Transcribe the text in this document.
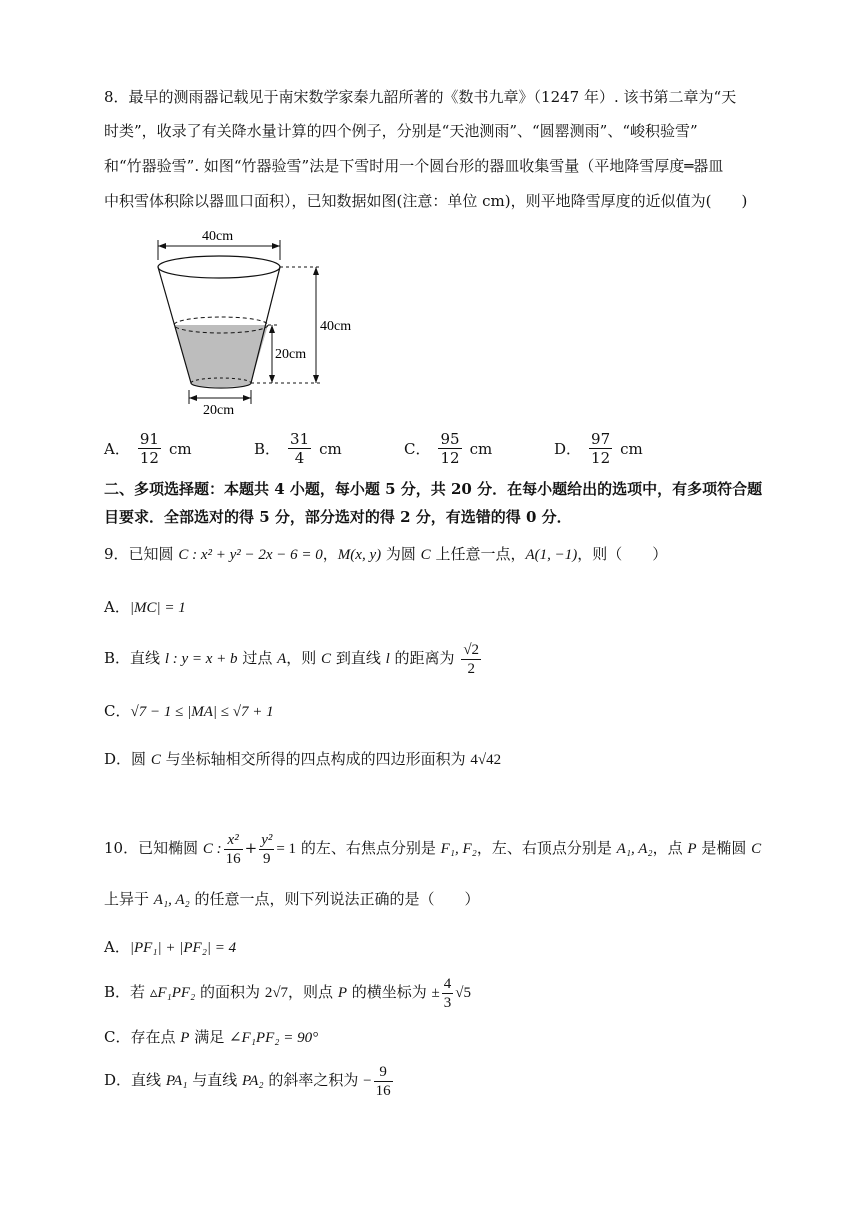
8．最早的测雨器记载见于南宋数学家秦九韶所著的《数书九章》（1247 年）. 该书第二章为“天
时类”，收录了有关降水量计算的四个例子，分别是“天池测雨”、“圆罂测雨”、“峻积验雪”
和“竹器验雪”. 如图“竹器验雪”法是下雪时用一个圆台形的器皿收集雪量（平地降雪厚度═器皿
中积雪体积除以器皿口面积），已知数据如图(注意：单位 cm)，则平地降雪厚度的近似值为(　　)
40cm
40cm
20cm
20cm
A． $\frac{91}{12}$ cm	B． $\frac{31}{4}$ cm	C． $\frac{95}{12}$ cm	D． $\frac{97}{12}$ cm
二、多项选择题：本题共 4 小题，每小题 5 分，共 20 分．在每小题给出的选项中，有多项符合题
目要求．全部选对的得 5 分，部分选对的得 2 分，有选错的得 0 分．
9．已知圆 C : x² + y² − 2x − 6 = 0，M(x, y) 为圆 C 上任意一点，A(1, −1)，则（　　）
A．|MC| = 1
B．直线 l : y = x + b 过点 A，则 C 到直线 l 的距离为 $\frac{√2}{2}$
C．√7 − 1 ≤ |MA| ≤ √7 + 1
D．圆 C 与坐标轴相交所得的四点构成的四边形面积为 4√42
10．已知椭圆 C : $\frac{\text{x²}}{16} + \frac{\text{y²}}{9} = 1$ 的左、右焦点分别是 F₁, F₂，左、右顶点分别是 A₁, A₂，点 P 是椭圆 C
上异于 A₁, A₂ 的任意一点，则下列说法正确的是（　　）
A．|PF₁| + |PF₂| = 4
B．若 ▵F₁PF₂ 的面积为 2√7，则点 P 的横坐标为 ± $\frac{4}{3} √5$
C．存在点 P 满足 ∠F₁PF₂ = 90°
D．直线 PA₁ 与直线 PA₂ 的斜率之积为 − $\frac{9}{16}$
